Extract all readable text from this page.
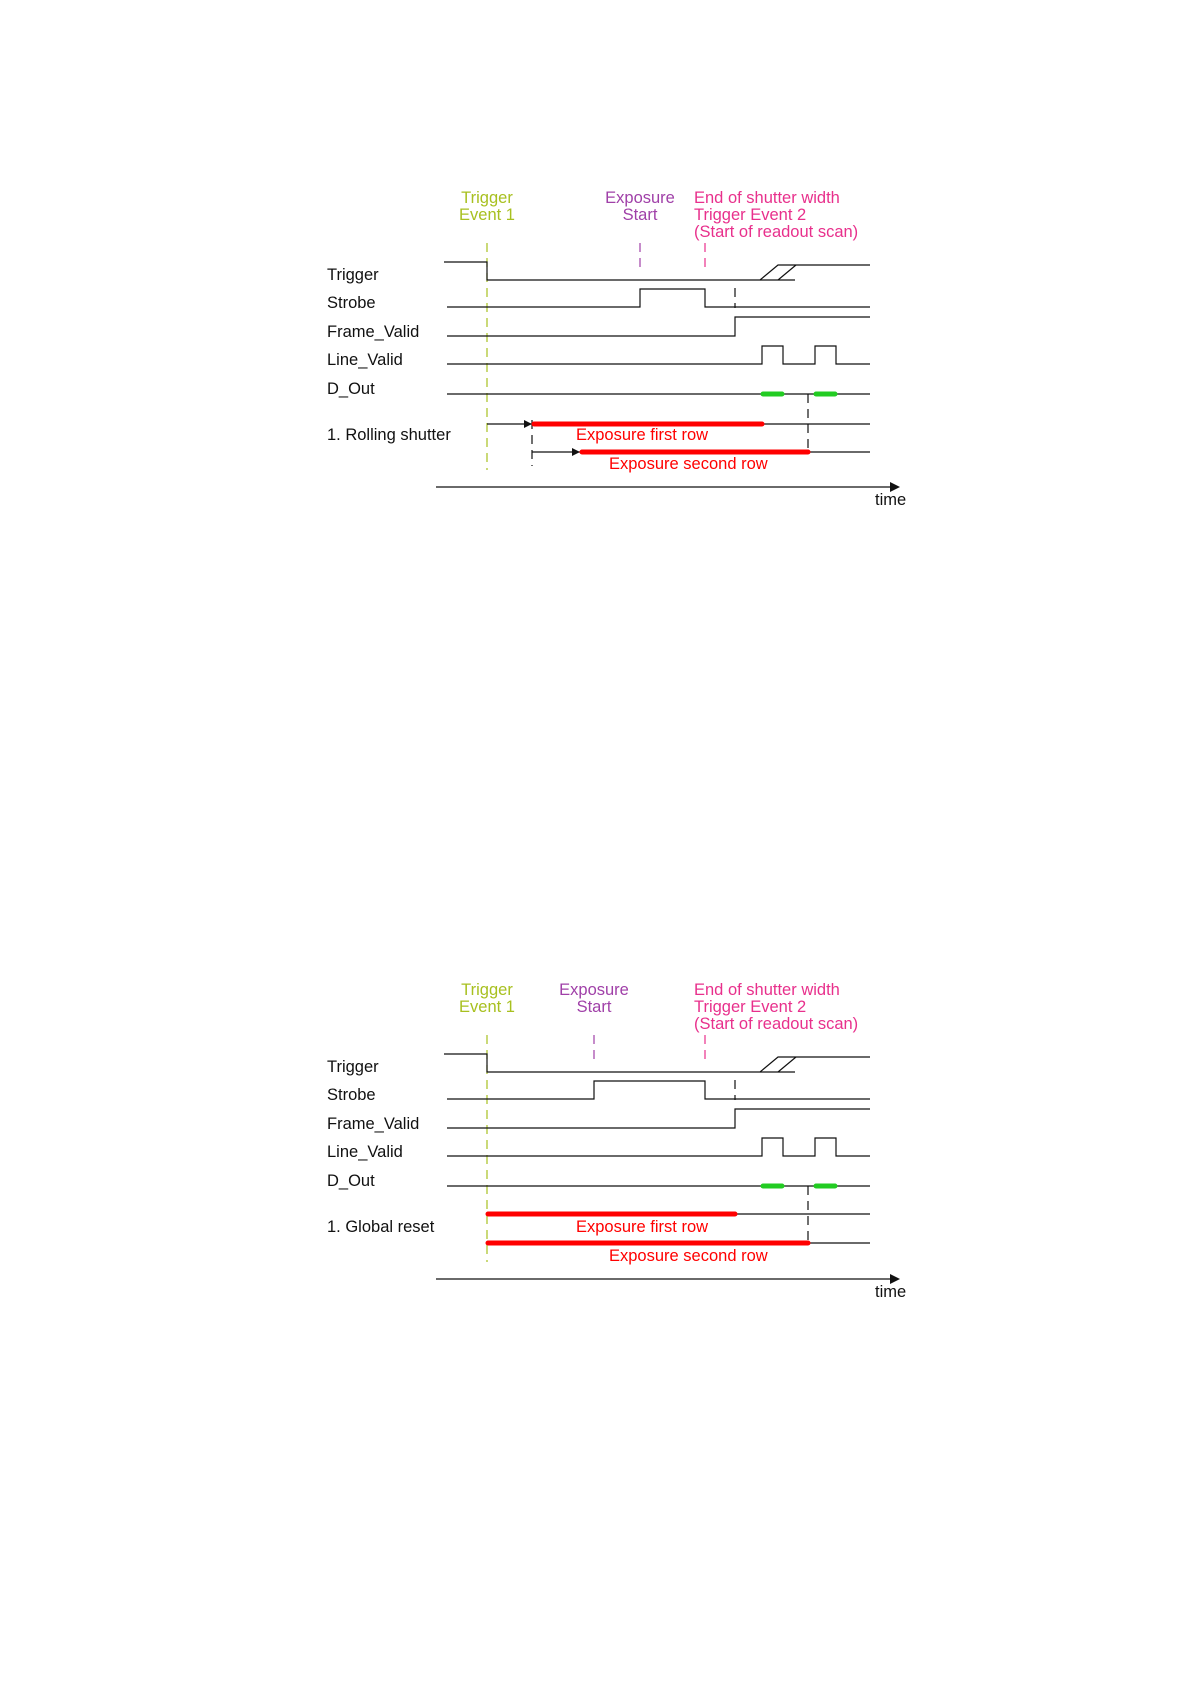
Trigger
Event 1
Exposure
Start
End of shutter width
Trigger Event 2
(Start of readout scan)
Trigger
Strobe
Frame_Valid
Line_Valid
D_Out
1. Rolling shutter	Exposure first row
Exposure second row
time
Trigger
Event 1
Exposure
Start
End of shutter width
Trigger Event 2
(Start of readout scan)
Trigger
Strobe
Frame_Valid
Line_Valid
D_Out
1. Global reset	Exposure first row
Exposure second row
time
